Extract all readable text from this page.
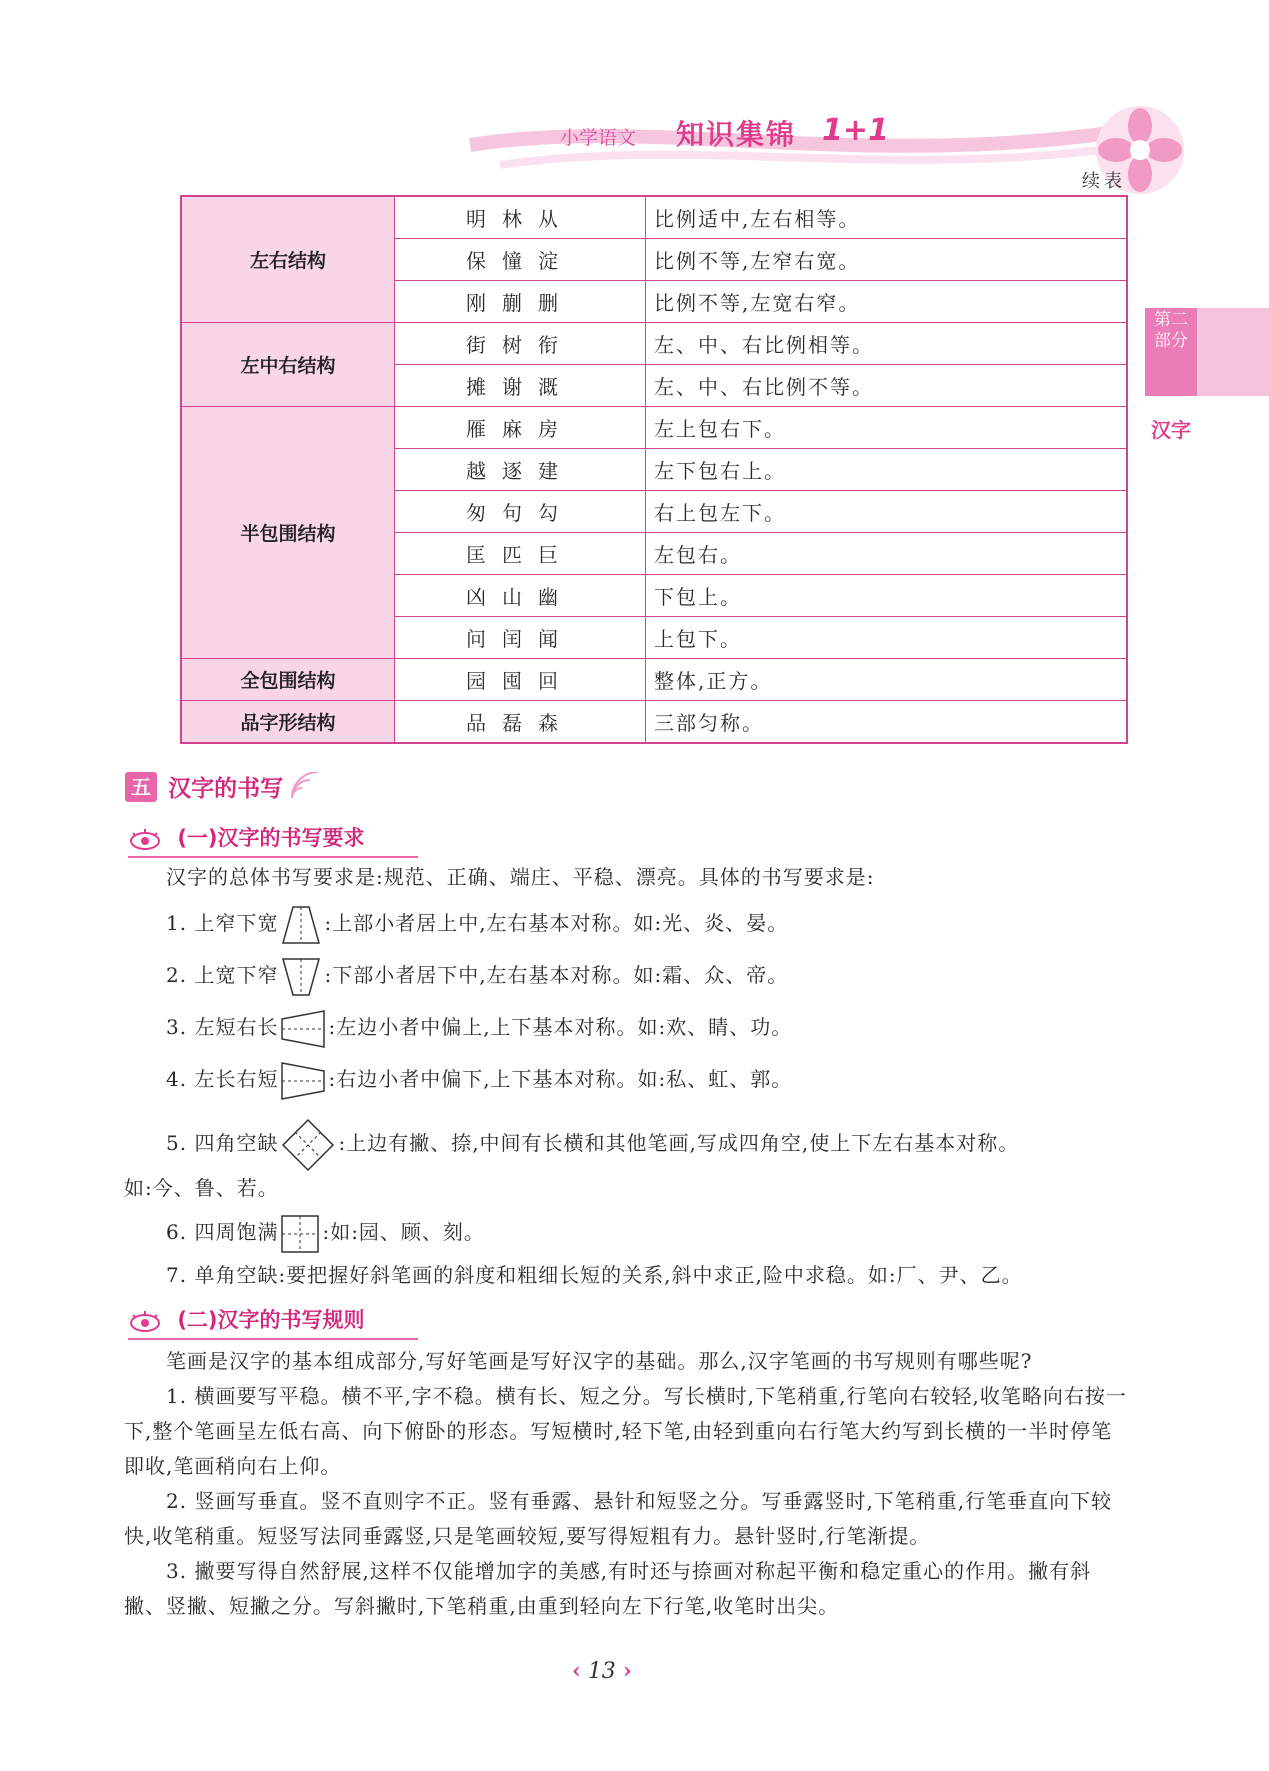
小学语文 知识集锦 1+1
续表
第二部分
汉字
左右结构	明林从	比例适中,左右相等。
	保憧淀	比例不等,左窄右宽。
	刚蒯删	比例不等,左宽右窄。
左中右结构	街树衔	左、中、右比例相等。
	摊谢溉	左、中、右比例不等。
半包围结构	雁麻房	左上包右下。
	越逐建	左下包右上。
	匆句勾	右上包左下。
	匡匹巨	左包右。
	凶山幽	下包上。
	问闰闻	上包下。
全包围结构	园囤回	整体,正方。
品字形结构	品磊森	三部匀称。
五 汉字的书写
(一)汉字的书写要求
汉字的总体书写要求是:规范、正确、端庄、平稳、漂亮。具体的书写要求是:
1. 上窄下宽 :上部小者居上中,左右基本对称。如:光、炎、晏。
2. 上宽下窄 :下部小者居下中,左右基本对称。如:霜、众、帝。
3. 左短右长	:左边小者中偏上,上下基本对称。如:欢、睛、功。
4. 左长右短	:右边小者中偏下,上下基本对称。如:私、虹、郭。
5. 四角空缺	:上边有撇、捺,中间有长横和其他笔画,写成四角空,使上下左右基本对称。
如:今、鲁、若。
6. 四周饱满 :如:园、顾、刻。
7. 单角空缺:要把握好斜笔画的斜度和粗细长短的关系,斜中求正,险中求稳。如:厂、尹、乙。
(二)汉字的书写规则

笔画是汉字的基本组成部分,写好笔画是写好汉字的基础。那么,汉字笔画的书写规则有哪些呢?

1. 横画要写平稳。横不平,字不稳。横有长、短之分。写长横时,下笔稍重,行笔向右较轻,收笔略向右按一下,整个笔画呈左低右高、向下俯卧的形态。写短横时,轻下笔,由轻到重向右行笔大约写到长横的一半时停笔即收,笔画稍向右上仰。

2. 竖画写垂直。竖不直则字不正。竖有垂露、悬针和短竖之分。写垂露竖时,下笔稍重,行笔垂直向下较快,收笔稍重。短竖写法同垂露竖,只是笔画较短,要写得短粗有力。悬针竖时,行笔渐提。

3. 撇要写得自然舒展,这样不仅能增加字的美感,有时还与捺画对称起平衡和稳定重心的作用。撇有斜撇、竖撇、短撇之分。写斜撇时,下笔稍重,由重到轻向左下行笔,收笔时出尖。

‹ 13 ›
